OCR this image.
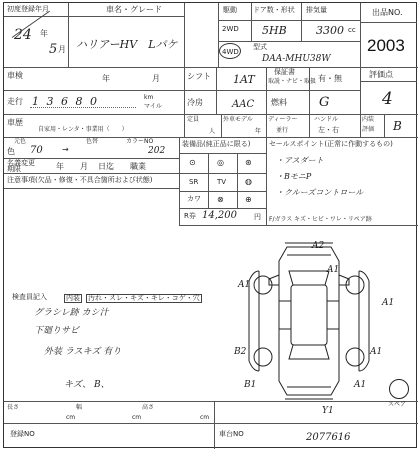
初度登録年月
24 年
5 月
車名・グレード
ハリアーHV　Lパケ
駆動
2WD
4WD
ドア数・形状
5HB
排気量
3300 cc
型式
DAA-MHU38W
出品NO.
2003
車検	年	月	シフト 1AT
保証書
取説・ナビ・取扱 有・無	評価点
4
走行 1 3 6 8 0	km
マイル	冷房	AAC 燃料 G
車歴
自家用・レンタ・事業用（　　）
定員
人
外車モデル
年
ディーラー
並行
ハンドル
左・右
内装
評価 B
元色
色 70 →
色替	カラーNO
202
名義変更
期限	年 月 日迄 職業
注意事項(欠品・修復・不具合箇所および状態)
装備品(純正品に限る)
⊙	◎	⊛
SR	TV ◍
カワ ⊗	⊕
R券 14,200 円
セールスポイント(正常に作動するもの)
・アスダート
・BモニP
・クルーズコントロール
F/ガラス キズ・ヒビ・ワレ・リペア跡
検査員記入	内装 汚れ・スレ・キズ・キレ・コゲ・穴
グラシレ跡 カシ汁
下廻りサビ
外装 ラスキズ 有り
キズ、 B、
A2
A1
A1
B2
A1
A1
A1
B1
Y1
スペア
長さ
cm
幅
cm
高さ
cm
登録NO	車台NO	2077616
